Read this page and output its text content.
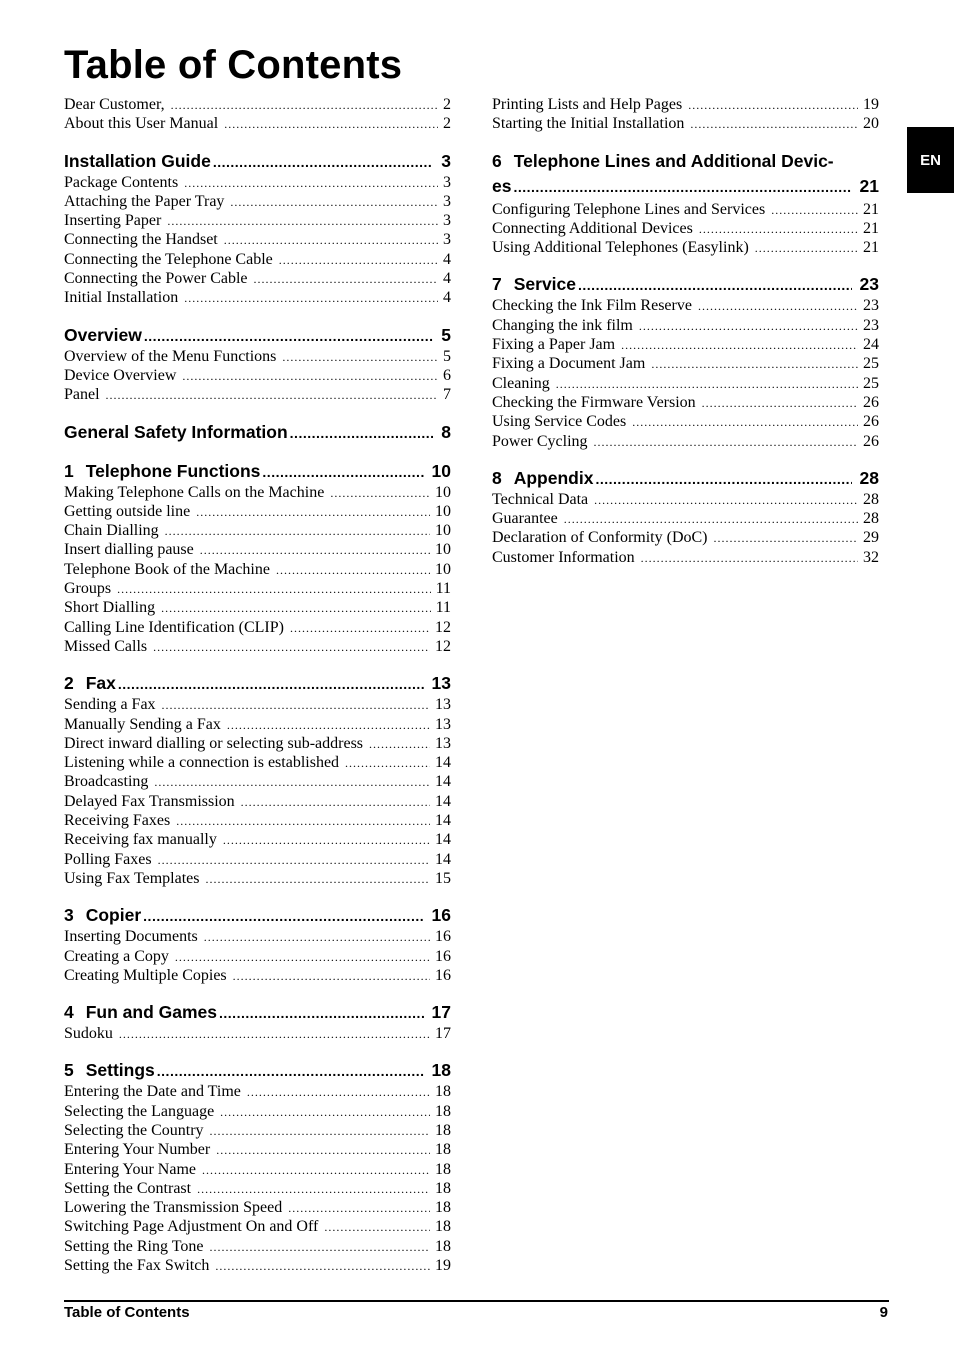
Table of Contents
Dear Customer, .....	2
About this User Manual .....	2
Installation Guide .....	3
Package Contents .....	3
Attaching the Paper Tray .....	3
Inserting Paper .....	3
Connecting the Handset .....	3
Connecting the Telephone Cable .....	4
Connecting the Power Cable .....	4
Initial Installation .....	4
Overview .....	5
Overview of the Menu Functions .....	5
Device Overview .....	6
Panel .....	7
General Safety Information .....	8
1 Telephone Functions .....	10
Making Telephone Calls on the Machine .....	10
Getting outside line .....	10
Chain Dialling .....	10
Insert dialling pause .....	10
Telephone Book of the Machine .....	10
Groups .....	11
Short Dialling .....	11
Calling Line Identification (CLIP) .....	12
Missed Calls .....	12
2 Fax .....	13
Sending a Fax .....	13
Manually Sending a Fax .....	13
Direct inward dialling or selecting sub-address .....	13
Listening while a connection is established .....	14
Broadcasting .....	14
Delayed Fax Transmission .....	14
Receiving Faxes .....	14
Receiving fax manually .....	14
Polling Faxes .....	14
Using Fax Templates .....	15
3 Copier .....	16
Inserting Documents .....	16
Creating a Copy .....	16
Creating Multiple Copies .....	16
4 Fun and Games .....	17
Sudoku .....	17
5 Settings .....	18
Entering the Date and Time .....	18
Selecting the Language .....	18
Selecting the Country .....	18
Entering Your Number .....	18
Entering Your Name .....	18
Setting the Contrast .....	18
Lowering the Transmission Speed .....	18
Switching Page Adjustment On and Off .....	18
Setting the Ring Tone .....	18
Setting the Fax Switch .....	19
Printing Lists and Help Pages .....	19
Starting the Initial Installation .....	20
6 Telephone Lines and Additional Devic-
es .....	21
Configuring Telephone Lines and Services .....	21
Connecting Additional Devices .....	21
Using Additional Telephones (Easylink) .....	21
7 Service .....	23
Checking the Ink Film Reserve .....	23
Changing the ink film .....	23
Fixing a Paper Jam .....	24
Fixing a Document Jam .....	25
Cleaning .....	25
Checking the Firmware Version .....	26
Using Service Codes .....	26
Power Cycling .....	26
8 Appendix .....	28
Technical Data .....	28
Guarantee .....	28
Declaration of Conformity (DoC) .....	29
Customer Information .....	32
EN
Table of Contents	9
